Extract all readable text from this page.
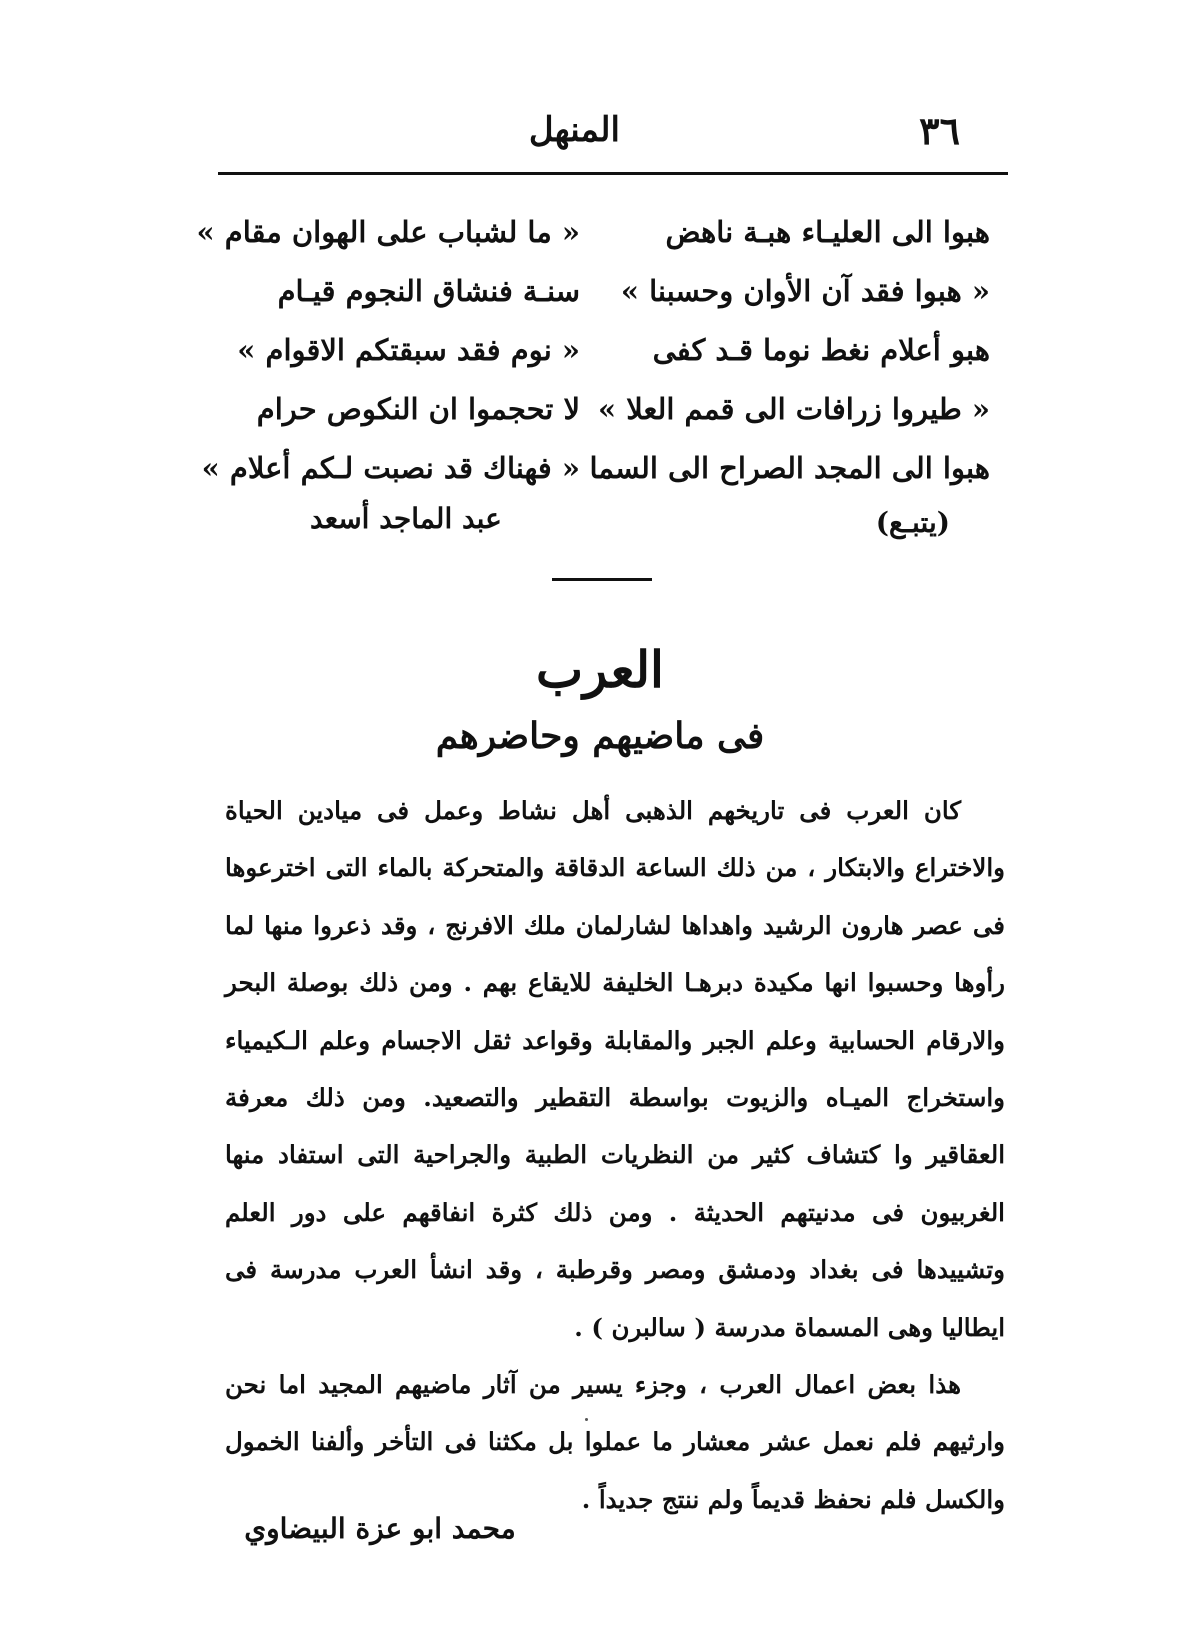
٣٦
المنهل
هبوا الى العليـاء هبـة ناهض
« ما لشباب على الهوان مقام »
« هبوا فقد آن الأوان وحسبنا »
سنـة فنشاق النجوم قيـام
هبو أعلام نغط نوما قـد كفى
« نوم فقد سبقتكم الاقوام »
« طيروا زرافات الى قمم العلا »
لا تحجموا ان النكوص حرام
هبوا الى المجد الصراح الى السما
« فهناك قد نصبت لـكم أعلام »
(يتبـع)
عبد الماجد أسعد
العرب
فى ماضيهم وحاضرهم

كان العرب فى تاريخهم الذهبى أهل نشاط وعمل فى ميادين الحياة والاختراع والابتكار ، من ذلك الساعة الدقاقة والمتحركة بالماء التى اخترعوها فى عصر هارون الرشيد واهداها لشارلمان ملك الافرنج ، وقد ذعروا منها لما رأوها وحسبوا انها مكيدة دبرهـا الخليفة للايقاع بهم . ومن ذلك بوصلة البحر والارقام الحسابية وعلم الجبر والمقابلة وقواعد ثقل الاجسام وعلم الـكيمياء واستخراج الميـاه والزيوت بواسطة التقطير والتصعيد. ومن ذلك معرفة العقاقير وا كتشاف كثير من النظريات الطبية والجراحية التى استفاد منها الغربيون فى مدنيتهم الحديثة . ومن ذلك كثرة انفاقهم على دور العلم وتشييدها فى بغداد ودمشق ومصر وقرطبة ، وقد انشأ العرب مدرسة فى ايطاليا وهى المسماة مدرسة ( سالبرن ) .

هذا بعض اعمال العرب ، وجزء يسير من آثار ماضيهم المجيد اما نحن وارثيهم فلم نعمل عشر معشار ما عملوا بل مكثنا فى التأخر وألفنا الخمول والكسل فلم نحفظ قديماً ولم ننتج جديداً .

محمد ابو عزة البيضاوي
